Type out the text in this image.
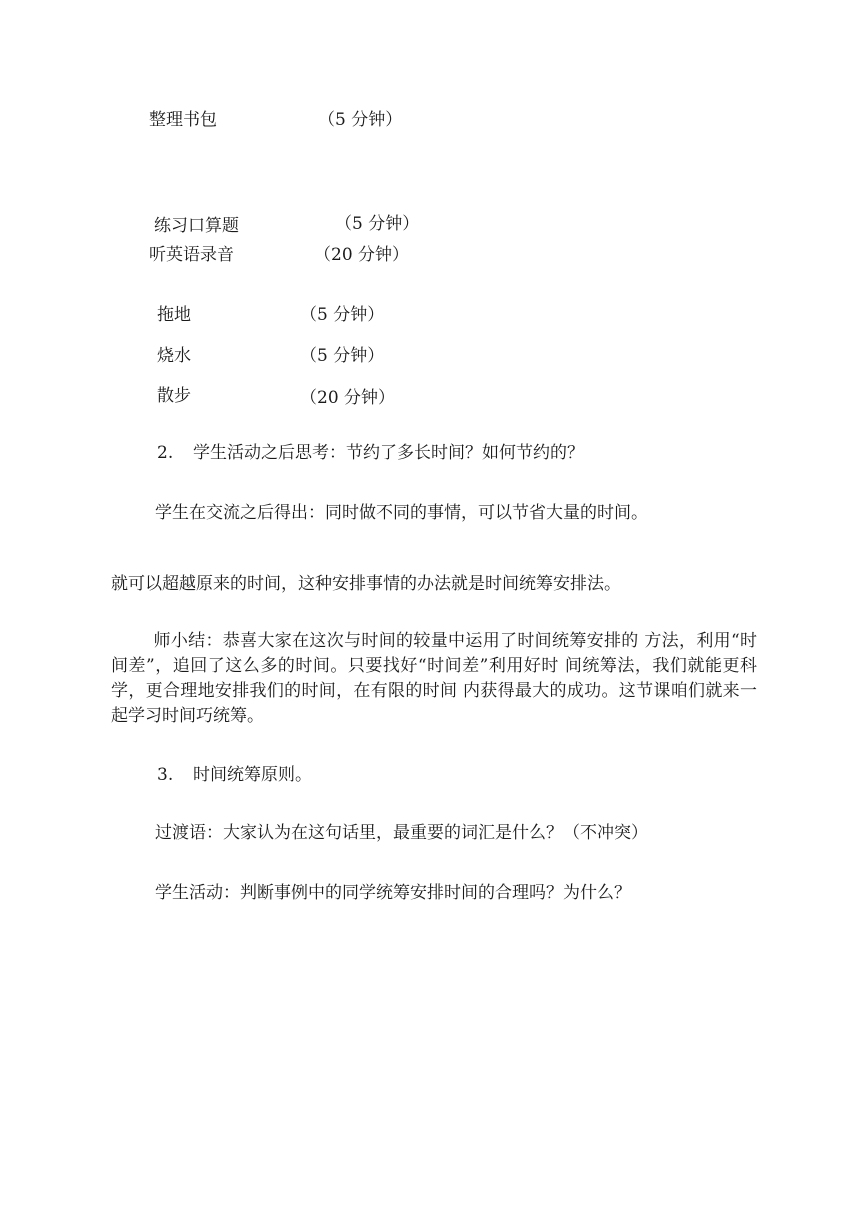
整理书包	（5 分钟）
练习口算题	（5 分钟）
听英语录音	（20 分钟）
拖地	（5 分钟）
烧水	（5 分钟）
散步	（20 分钟）
2. 学生活动之后思考：节约了多长时间？如何节约的？
学生在交流之后得出：同时做不同的事情，可以节省大量的时间。
就可以超越原来的时间，这种安排事情的办法就是时间统筹安排法。
师小结：恭喜大家在这次与时间的较量中运用了时间统筹安排的 方法，利用“时间差”，追回了这么多的时间。只要找好“时间差”利用好时 间统筹法，我们就能更科学，更合理地安排我们的时间，在有限的时间 内获得最大的成功。这节课咱们就来一起学习时间巧统筹。
3. 时间统筹原则。
过渡语：大家认为在这句话里，最重要的词汇是什么？（不冲突）
学生活动：判断事例中的同学统筹安排时间的合理吗？为什么？
